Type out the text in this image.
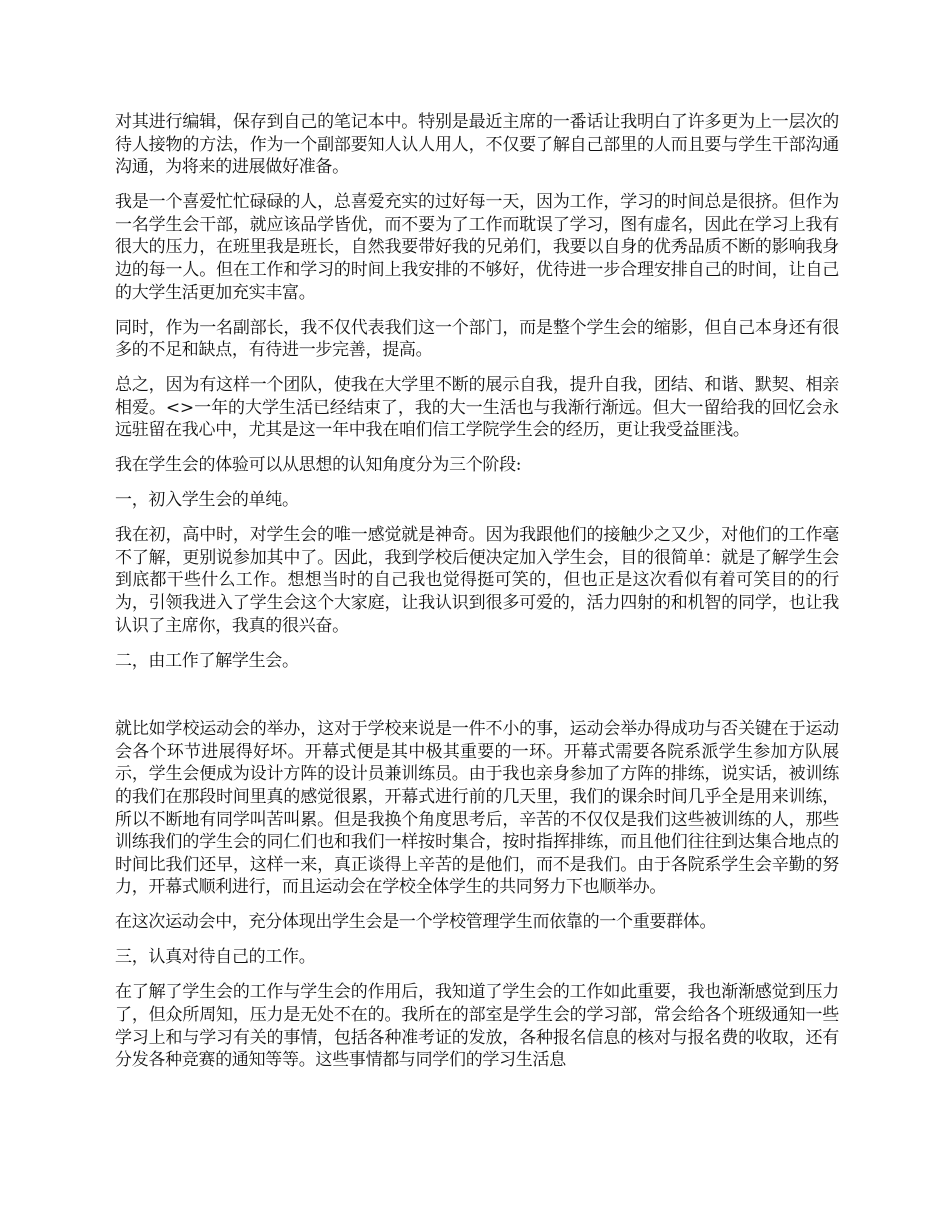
对其进行编辑，保存到自己的笔记本中。特别是最近主席的一番话让我明白了许多更为上一层次的待人接物的方法，作为一个副部要知人认人用人，不仅要了解自己部里的人而且要与学生干部沟通沟通，为将来的进展做好准备。

我是一个喜爱忙忙碌碌的人，总喜爱充实的过好每一天，因为工作，学习的时间总是很挤。但作为一名学生会干部，就应该品学皆优，而不要为了工作而耽误了学习，图有虚名，因此在学习上我有很大的压力，在班里我是班长，自然我要带好我的兄弟们，我要以自身的优秀品质不断的影响我身边的每一人。但在工作和学习的时间上我安排的不够好，优待进一步合理安排自己的时间，让自己的大学生活更加充实丰富。

同时，作为一名副部长，我不仅代表我们这一个部门，而是整个学生会的缩影，但自己本身还有很多的不足和缺点，有待进一步完善，提高。

总之，因为有这样一个团队，使我在大学里不断的展示自我，提升自我，团结、和谐、默契、相亲相爱。<>一年的大学生活已经结束了，我的大一生活也与我渐行渐远。但大一留给我的回忆会永远驻留在我心中，尤其是这一年中我在咱们信工学院学生会的经历，更让我受益匪浅。

我在学生会的体验可以从思想的认知角度分为三个阶段:

一，初入学生会的单纯。

我在初，高中时，对学生会的唯一感觉就是神奇。因为我跟他们的接触少之又少，对他们的工作毫不了解，更别说参加其中了。因此，我到学校后便决定加入学生会，目的很简单：就是了解学生会到底都干些什么工作。想想当时的自己我也觉得挺可笑的，但也正是这次看似有着可笑目的的行为，引领我进入了学生会这个大家庭，让我认识到很多可爱的，活力四射的和机智的同学，也让我认识了主席你，我真的很兴奋。

二，由工作了解学生会。

就比如学校运动会的举办，这对于学校来说是一件不小的事，运动会举办得成功与否关键在于运动会各个环节进展得好坏。开幕式便是其中极其重要的一环。开幕式需要各院系派学生参加方队展示，学生会便成为设计方阵的设计员兼训练员。由于我也亲身参加了方阵的排练，说实话，被训练的我们在那段时间里真的感觉很累，开幕式进行前的几天里，我们的课余时间几乎全是用来训练，所以不断地有同学叫苦叫累。但是我换个角度思考后，辛苦的不仅仅是我们这些被训练的人，那些训练我们的学生会的同仁们也和我们一样按时集合，按时指挥排练，而且他们往往到达集合地点的时间比我们还早，这样一来，真正谈得上辛苦的是他们，而不是我们。由于各院系学生会辛勤的努力，开幕式顺利进行，而且运动会在学校全体学生的共同努力下也顺举办。

在这次运动会中，充分体现出学生会是一个学校管理学生而依靠的一个重要群体。

三，认真对待自己的工作。

在了解了学生会的工作与学生会的作用后，我知道了学生会的工作如此重要，我也渐渐感觉到压力了，但众所周知，压力是无处不在的。我所在的部室是学生会的学习部，常会给各个班级通知一些学习上和与学习有关的事情，包括各种准考证的发放，各种报名信息的核对与报名费的收取，还有分发各种竞赛的通知等等。这些事情都与同学们的学习生活息
